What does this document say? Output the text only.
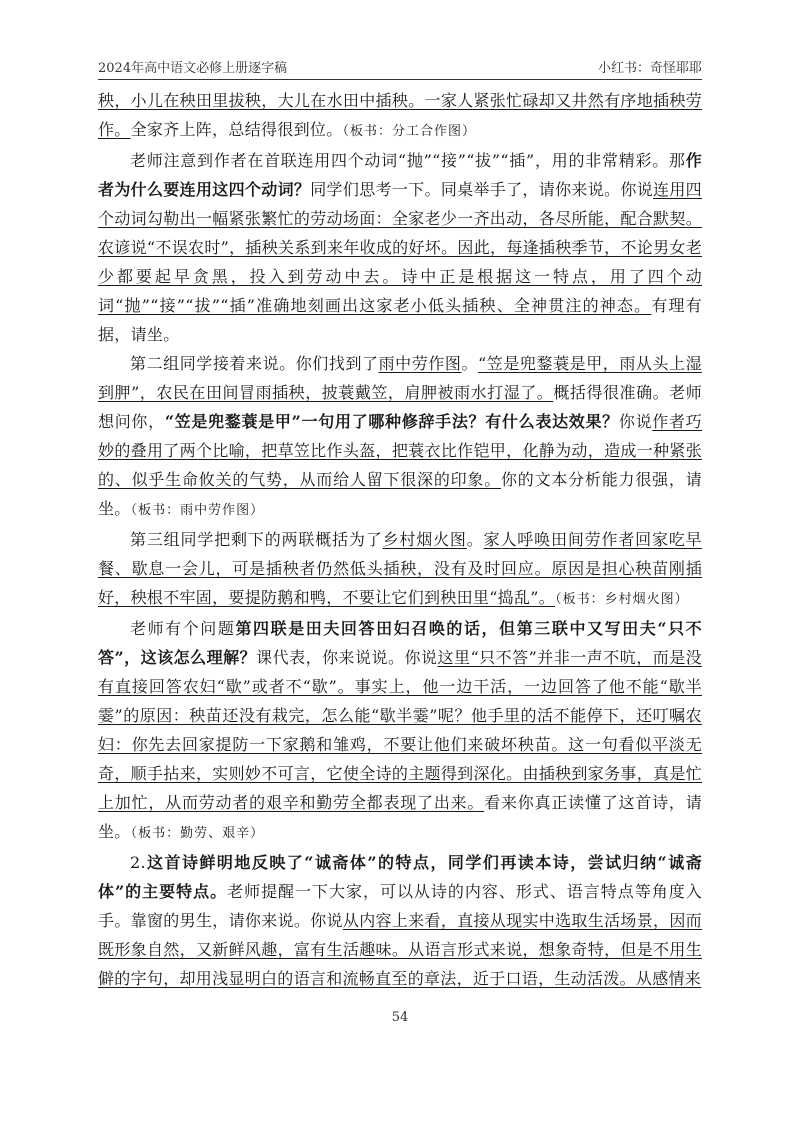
2024年高中语文必修上册逐字稿	小红书：奇怪耶耶

秧，小儿在秧田里拔秧，大儿在水田中插秧。一家人紧张忙碌却又井然有序地插秧劳作。全家齐上阵，总结得很到位。（板书：分工合作图）

老师注意到作者在首联连用四个动词“抛”“接”“拔”“插”，用的非常精彩。那作者为什么要连用这四个动词？同学们思考一下。同桌举手了，请你来说。你说连用四个动词勾勒出一幅紧张繁忙的劳动场面：全家老少一齐出动，各尽所能，配合默契。农谚说“不误农时”，插秧关系到来年收成的好坏。因此，每逢插秧季节，不论男女老少都要起早贪黑，投入到劳动中去。诗中正是根据这一特点，用了四个动词“抛”“接”“拔”“插”准确地刻画出这家老小低头插秧、全神贯注的神态。有理有据，请坐。

第二组同学接着来说。你们找到了雨中劳作图。“笠是兜鍪蓑是甲，雨从头上湿到胛”，农民在田间冒雨插秧，披蓑戴笠，肩胛被雨水打湿了。概括得很准确。老师想问你，“笠是兜鍪蓑是甲”一句用了哪种修辞手法？有什么表达效果？你说作者巧妙的叠用了两个比喻，把草笠比作头盔，把蓑衣比作铠甲，化静为动，造成一种紧张的、似乎生命攸关的气势，从而给人留下很深的印象。你的文本分析能力很强，请坐。（板书：雨中劳作图）

第三组同学把剩下的两联概括为了乡村烟火图。家人呼唤田间劳作者回家吃早餐、歇息一会儿，可是插秧者仍然低头插秧，没有及时回应。原因是担心秧苗刚插好，秧根不牢固，要提防鹅和鸭，不要让它们到秧田里“捣乱”。（板书：乡村烟火图）

老师有个问题第四联是田夫回答田妇召唤的话，但第三联中又写田夫“只不答”，这该怎么理解？课代表，你来说说。你说这里“只不答”并非一声不吭，而是没有直接回答农妇“歇”或者不“歇”。事实上，他一边干活，一边回答了他不能“歇半霎”的原因：秧苗还没有栽完，怎么能“歇半霎”呢？他手里的活不能停下，还叮嘱农妇：你先去回家提防一下家鹅和雏鸡，不要让他们来破坏秧苗。这一句看似平淡无奇，顺手拈来，实则妙不可言，它使全诗的主题得到深化。由插秧到家务事，真是忙上加忙，从而劳动者的艰辛和勤劳全都表现了出来。看来你真正读懂了这首诗，请坐。（板书：勤劳、艰辛）

2.这首诗鲜明地反映了“诚斋体”的特点，同学们再读本诗，尝试归纳“诚斋体”的主要特点。老师提醒一下大家，可以从诗的内容、形式、语言特点等角度入手。靠窗的男生，请你来说。你说从内容上来看，直接从现实中选取生活场景，因而既形象自然，又新鲜风趣，富有生活趣味。从语言形式来说，想象奇特，但是不用生僻的字句，却用浅显明白的语言和流畅直至的章法，近于口语，生动活泼。从感情来

54
